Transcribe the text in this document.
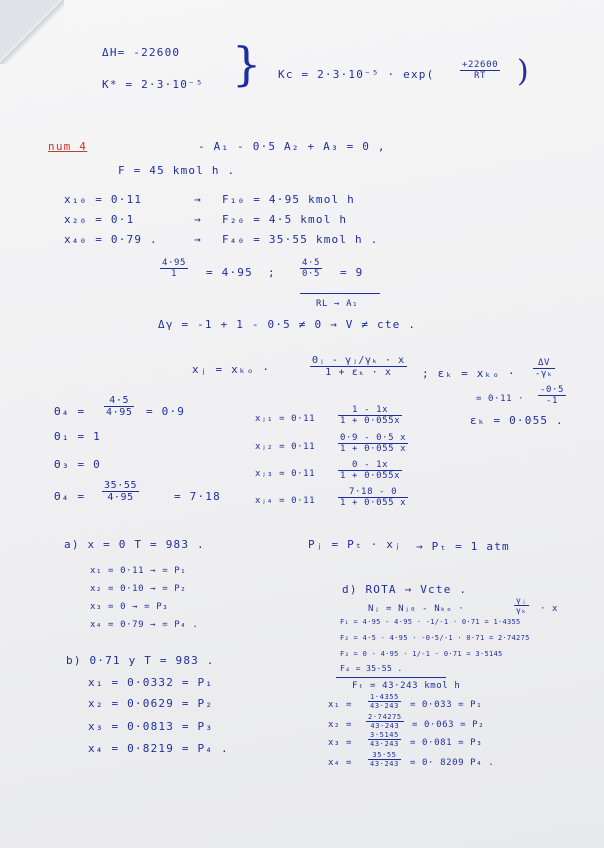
ΔH= -22600
K* = 2·3·10⁻⁵ } Kc = 2·3·10⁻⁵ · exp(	$\frac{+22600}{RT}$ )
num 4	- A₁ - 0·5 A₂ + A₃ = 0 ,
F = 45 kmol h .
x₁₀ = 0·11	→ F₁₀ = 4·95 kmol h
x₂₀ = 0·1	→ F₂₀ = 4·5 kmol h
x₄₀ = 0·79 .	→ F₄₀ = 35·55 kmol h .
$\frac{4\cdot 95}{1} = 4\cdot 95$ ;	$\frac{4\cdot 5}{0\cdot 5} = 9$
RL → A₁
Δγ = -1 + 1 - 0·5 ≠ 0 → V ≠ cte .
xⱼ = xₖₒ ·	$\frac{\text{Θⱼ - γⱼ/γₖ · x}}{\text{1 + εₖ · x}}$ ; $\varepsilon_k = x_{ko} \cdot \frac{\Delta V}{\text{-γₖ}}$
= $0\cdot 11 \cdot \frac{-0\cdot 5}{-1}$
εₖ = 0·055 .
$\Theta_4 = \frac{4\cdot 5}{4\cdot 95} = 0\cdot 9$
Θ₁ = 1
Θ₃ = 0
$\Theta_4 = \frac{35\cdot 55}{4\cdot 95}$	= 7·18
xⱼ₁ = 0·11	$\frac{1 - 1x}{1 + 0\cdot 055x}$
xⱼ₂ = 0·11	$\frac{0\cdot 9 - 0\cdot 5 x}{1 + 0\cdot 055 x}$
xⱼ₃ = 0·11	$\frac{0 - 1x}{1 + 0\cdot 055x}$
xⱼ₄ = 0·11	$\frac{7\cdot 18 - 0}{1 + 0\cdot 055 x}$
a) x = 0 T = 983 .	Pⱼ = Pₜ · xⱼ → Pₜ = 1 atm
x₁ = 0·11 → = P₁
x₂ = 0·10 → = P₂
x₃ = 0 → = P₃
x₄ = 0·79 → = P₄ .
b) 0·71 y T = 983 .
x₁ = 0·0332 = P₁
x₂ = 0·0629 = P₂
x₃ = 0·0813 = P₃
x₄ = 0·8219 = P₄ .
d) ROTA → Vcte .
Nⱼ = Nⱼ₀ - Nₖₒ ·	$\frac{\text{γⱼ}}{\text{γₖ}} \cdot x$
F₁ = 4·95 - 4·95 · -1/-1 · 0·71 = 1·4355
F₂ = 4·5 - 4·95 · -0·5/-1 · 0·71 = 2·74275
F₃ = 0 - 4·95 · 1/-1 · 0·71 = 3·5145
F₄ = 35·55 .
Fₜ = 43·243 kmol h
$x_1 = \frac{1\cdot 4355}{43\cdot 243} = 0\cdot 033 = P_1$
$x_2 = \frac{2\cdot 74275}{43\cdot 243} = 0\cdot 063 = P_2$
$x_3 = \frac{3\cdot 5145}{43\cdot 243} = 0\cdot 081 = P_3$
$x_4 = \frac{35\cdot 55}{43\cdot 243} = 0\cdot 8209$ P₄ .
